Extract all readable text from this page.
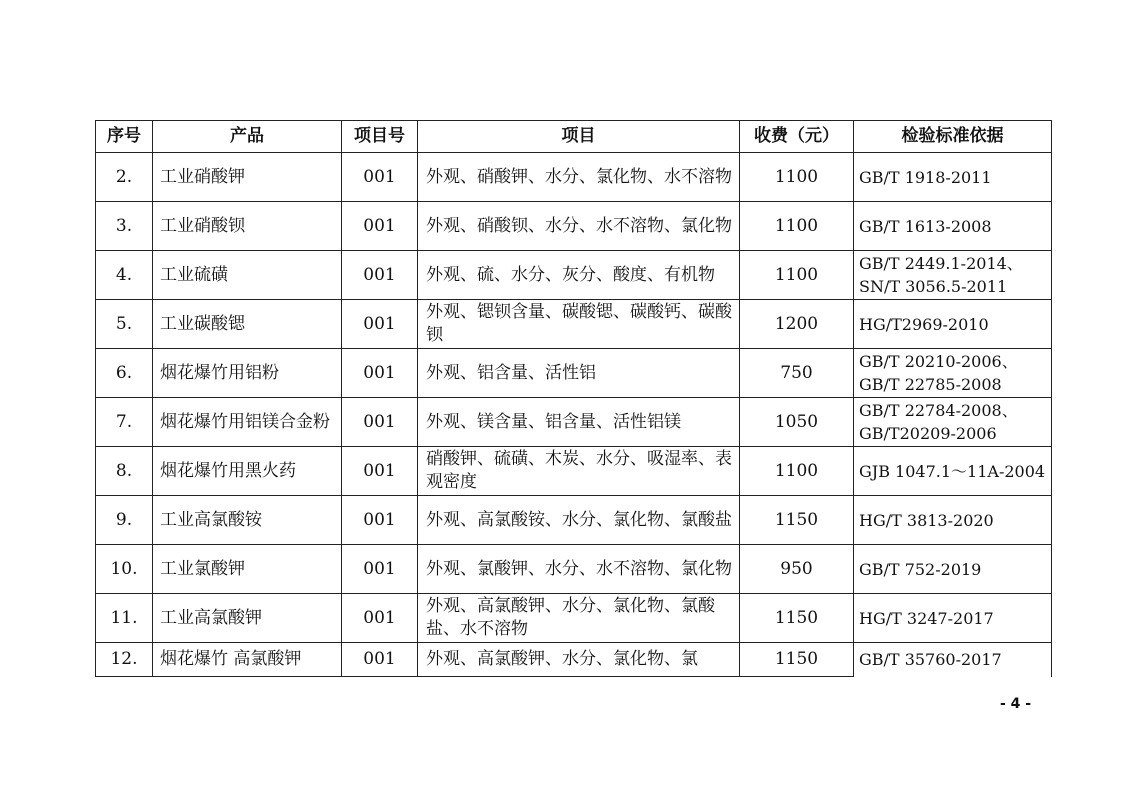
序号	产品	项目号	项目	收费（元）	检验标准依据
2.	工业硝酸钾	001	外观、硝酸钾、水分、氯化物、水不溶物	1100	GB/T 1918-2011
3.	工业硝酸钡	001	外观、硝酸钡、水分、水不溶物、氯化物	1100	GB/T 1613-2008
4.	工业硫磺	001	外观、硫、水分、灰分、酸度、有机物	1100	GB/T 2449.1-2014、SN/T 3056.5-2011
5.	工业碳酸锶	001	外观、锶钡含量、碳酸锶、碳酸钙、碳酸钡	1200	HG/T2969-2010
6.	烟花爆竹用铝粉	001	外观、铝含量、活性铝	750	GB/T 20210-2006、GB/T 22785-2008
7.	烟花爆竹用铝镁合金粉	001	外观、镁含量、铝含量、活性铝镁	1050	GB/T 22784-2008、GB/T20209-2006
8.	烟花爆竹用黑火药	001	硝酸钾、硫磺、木炭、水分、吸湿率、表观密度	1100	GJB 1047.1～11A-2004
9.	工业高氯酸铵	001	外观、高氯酸铵、水分、氯化物、氯酸盐	1150	HG/T 3813-2020
10.	工业氯酸钾	001	外观、氯酸钾、水分、水不溶物、氯化物	950	GB/T 752-2019
11.	工业高氯酸钾	001	外观、高氯酸钾、水分、氯化物、氯酸盐、水不溶物	1150	HG/T 3247-2017
12.	烟花爆竹 高氯酸钾	001	外观、高氯酸钾、水分、氯化物、氯	1150	GB/T 35760-2017
- 4 -
